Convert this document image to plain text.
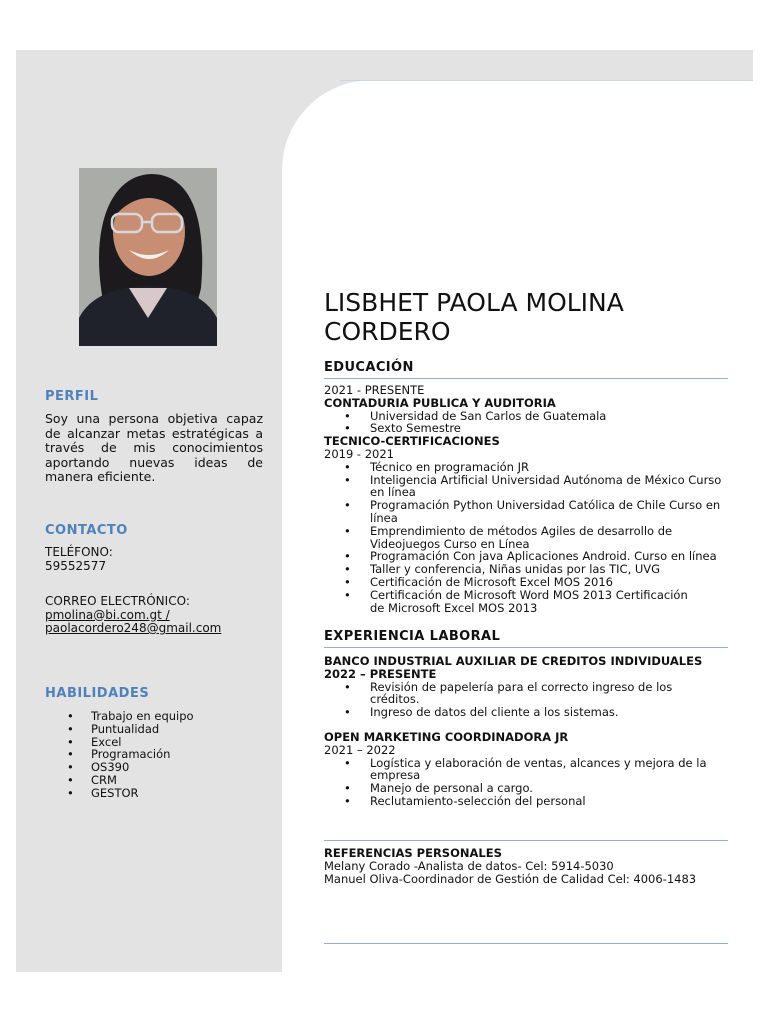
PERFIL
Soy una persona objetiva capaz de alcanzar metas estratégicas a través de mis conocimientos aportando nuevas ideas de manera eficiente.
CONTACTO
TELÉFONO:
59552577
CORREO ELECTRÓNICO:
pmolina@bi.com.gt /
paolacordero248@gmail.com
HABILIDADES
• Trabajo en equipo
• Puntualidad
• Excel
• Programación
• OS390
• CRM
• GESTOR
LISBHET PAOLA MOLINA CORDERO
EDUCACIÓN
2021 - PRESENTE
CONTADURIA PUBLICA Y AUDITORIA
• Universidad de San Carlos de Guatemala
• Sexto Semestre
TECNICO-CERTIFICACIONES
2019 - 2021
• Técnico en programación JR
• Inteligencia Artificial Universidad Autónoma de México Curso en línea
• Programación Python Universidad Católica de Chile Curso en línea
• Emprendimiento de métodos Agiles de desarrollo de Videojuegos Curso en Línea
• Programación Con java Aplicaciones Android. Curso en línea
• Taller y conferencia, Niñas unidas por las TIC, UVG
• Certificación de Microsoft Excel MOS 2016
• Certificación de Microsoft Word MOS 2013 Certificación de Microsoft Excel MOS 2013
EXPERIENCIA LABORAL
BANCO INDUSTRIAL AUXILIAR DE CREDITOS INDIVIDUALES
2022 – PRESENTE
• Revisión de papelería para el correcto ingreso de los créditos.
• Ingreso de datos del cliente a los sistemas.
OPEN MARKETING COORDINADORA JR
2021 – 2022
• Logística y elaboración de ventas, alcances y mejora de la empresa
• Manejo de personal a cargo.
• Reclutamiento-selección del personal
REFERENCIAS PERSONALES
Melany Corado -Analista de datos- Cel: 5914-5030
Manuel Oliva-Coordinador de Gestión de Calidad Cel: 4006-1483
